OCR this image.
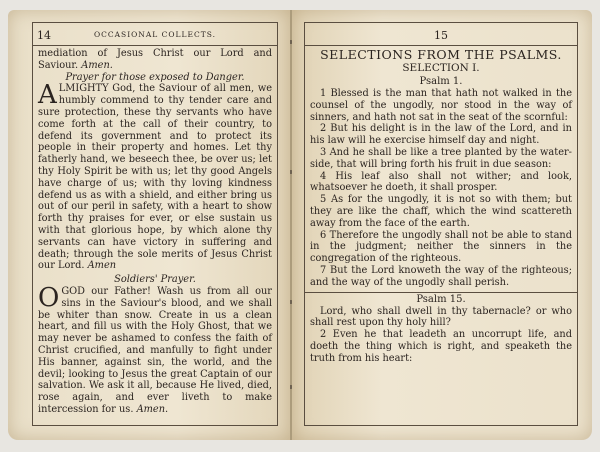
14	OCCASIONAL COLLECTS.

mediation of Jesus Christ our Lord and Saviour. Amen.

Prayer for those exposed to Danger.

ALMIGHTY God, the Saviour of all men, we humbly commend to thy tender care and sure protection, these thy servants who have come forth at the call of their country, to defend its government and to protect its people in their property and homes. Let thy fatherly hand, we beseech thee, be over us; let thy Holy Spirit be with us; let thy good Angels have charge of us; with thy loving kindness defend us as with a shield, and either bring us out of our peril in safety, with a heart to show forth thy praises for ever, or else sustain us with that glorious hope, by which alone thy servants can have victory in suffering and death; through the sole merits of Jesus Christ our Lord. Amen

Soldiers' Prayer.

OGOD our Father! Wash us from all our sins in the Saviour's blood, and we shall be whiter than snow. Create in us a clean heart, and fill us with the Holy Ghost, that we may never be ashamed to confess the faith of Christ crucified, and manfully to fight under His banner, against sin, the world, and the devil; looking to Jesus the great Captain of our salvation. We ask it all, because He lived, died, rose again, and ever liveth to make intercession for us. Amen.

15

SELECTIONS FROM THE PSALMS.

SELECTION I.

Psalm 1.

1 Blessed is the man that hath not walked in the counsel of the ungodly, nor stood in the way of sinners, and hath not sat in the seat of the scornful:

2 But his delight is in the law of the Lord, and in his law will he exercise himself day and night.

3 And he shall be like a tree planted by the water-side, that will bring forth his fruit in due season:

4 His leaf also shall not wither; and look, whatsoever he doeth, it shall prosper.

5 As for the ungodly, it is not so with them; but they are like the chaff, which the wind scattereth away from the face of the earth.

6 Therefore the ungodly shall not be able to stand in the judgment; neither the sinners in the congregation of the righteous.

7 But the Lord knoweth the way of the righteous; and the way of the ungodly shall perish.

Psalm 15.

Lord, who shall dwell in thy tabernacle? or who shall rest upon thy holy hill?

2 Even he that leadeth an uncorrupt life, and doeth the thing which is right, and speaketh the truth from his heart:
